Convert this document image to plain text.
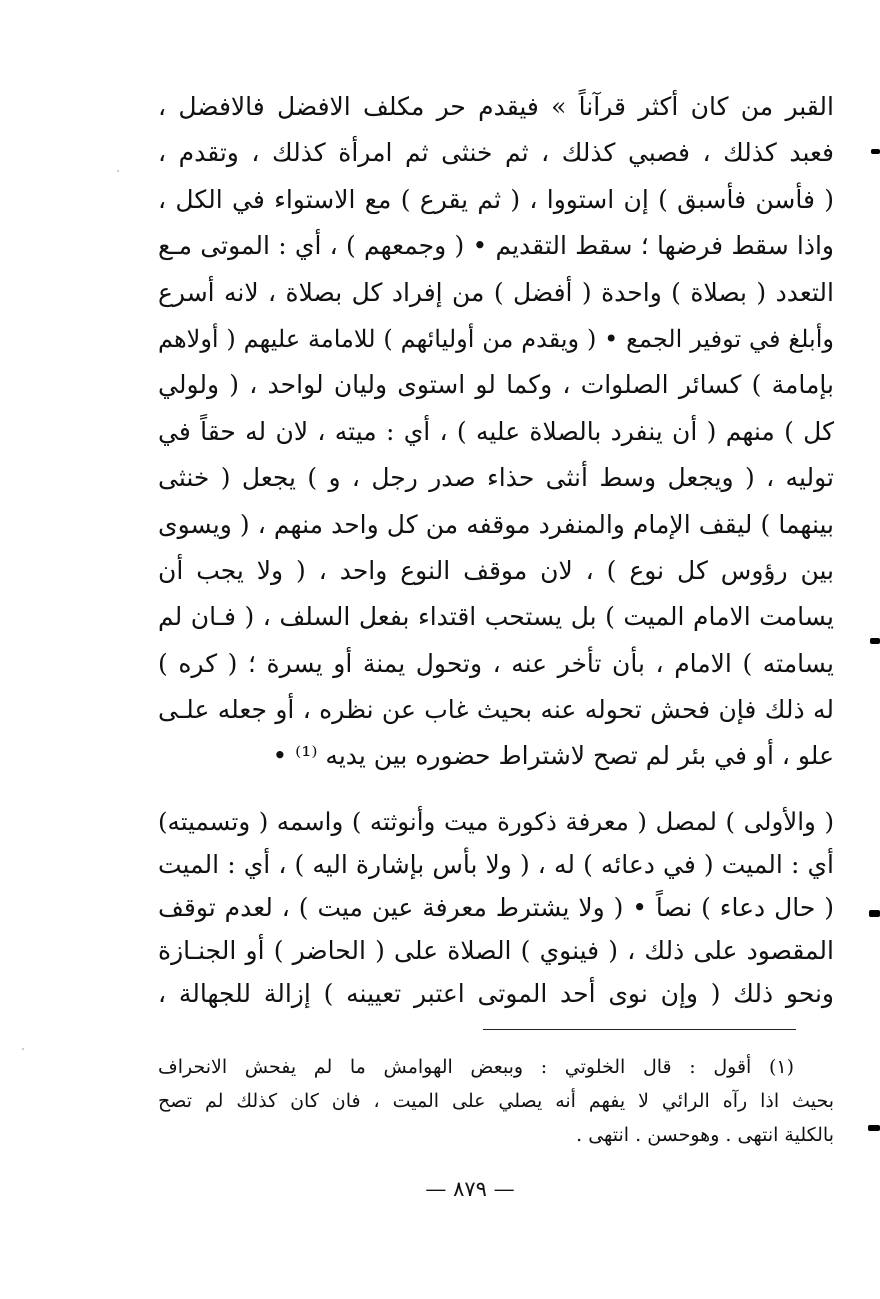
القبر من كان أكثر قرآناً » فيقدم حر مكلف الافضل فالافضل ،
فعبد كذلك ، فصبي كذلك ، ثم خنثى ثم امرأة كذلك ، وتقدم ،
( فأسن فأسبق ) إن استووا ، ( ثم يقرع ) مع الاستواء في الكل ،
واذا سقط فرضها ؛ سقط التقديم • ( وجمعهم ) ، أي : الموتى مـع
التعدد ( بصلاة ) واحدة ( أفضل ) من إفراد كل بصلاة ، لانه أسرع
وأبلغ في توفير الجمع • ( ويقدم من أوليائهم ) للامامة عليهم ( أولاهم
بإمامة ) كسائر الصلوات ، وكما لو استوى وليان لواحد ، ( ولولي
كل ) منهم ( أن ينفرد بالصلاة عليه ) ، أي : ميته ، لان له حقاً في
توليه ، ( ويجعل وسط أنثى حذاء صدر رجل ، و ) يجعل ( خنثى
بينهما ) ليقف الإمام والمنفرد موقفه من كل واحد منهم ، ( ويسوى
بين رؤوس كل نوع ) ، لان موقف النوع واحد ، ( ولا يجب أن
يسامت الامام الميت ) بل يستحب اقتداء بفعل السلف ، ( فـان لم
يسامته ) الامام ، بأن تأخر عنه ، وتحول يمنة أو يسرة ؛ ( كره )
له ذلك فإن فحش تحوله عنه بحيث غاب عن نظره ، أو جعله علـى
علو ، أو في بئر لم تصح لاشتراط حضوره بين يديه ⁽¹⁾ •
( والأولى ) لمصل ( معرفة ذكورة ميت وأنوثته ) واسمه ( وتسميته)
أي : الميت ( في دعائه ) له ، ( ولا بأس بإشارة اليه ) ، أي : الميت
( حال دعاء ) نصاً • ( ولا يشترط معرفة عين ميت ) ، لعدم توقف
المقصود على ذلك ، ( فينوي ) الصلاة على ( الحاضر ) أو الجنـازة
ونحو ذلك ( وإن نوى أحد الموتى اعتبر تعيينه ) إزالة للجهالة ،
(١) أقول : قال الخلوتي : وببعض الهوامش ما لم يفحش الانحراف
بحيث اذا رآه الرائي لا يفهم أنه يصلي على الميت ، فان كان كذلك لم تصح
بالكلية انتهى . وهوحسن . انتهى .
— ٨٧٩ —
